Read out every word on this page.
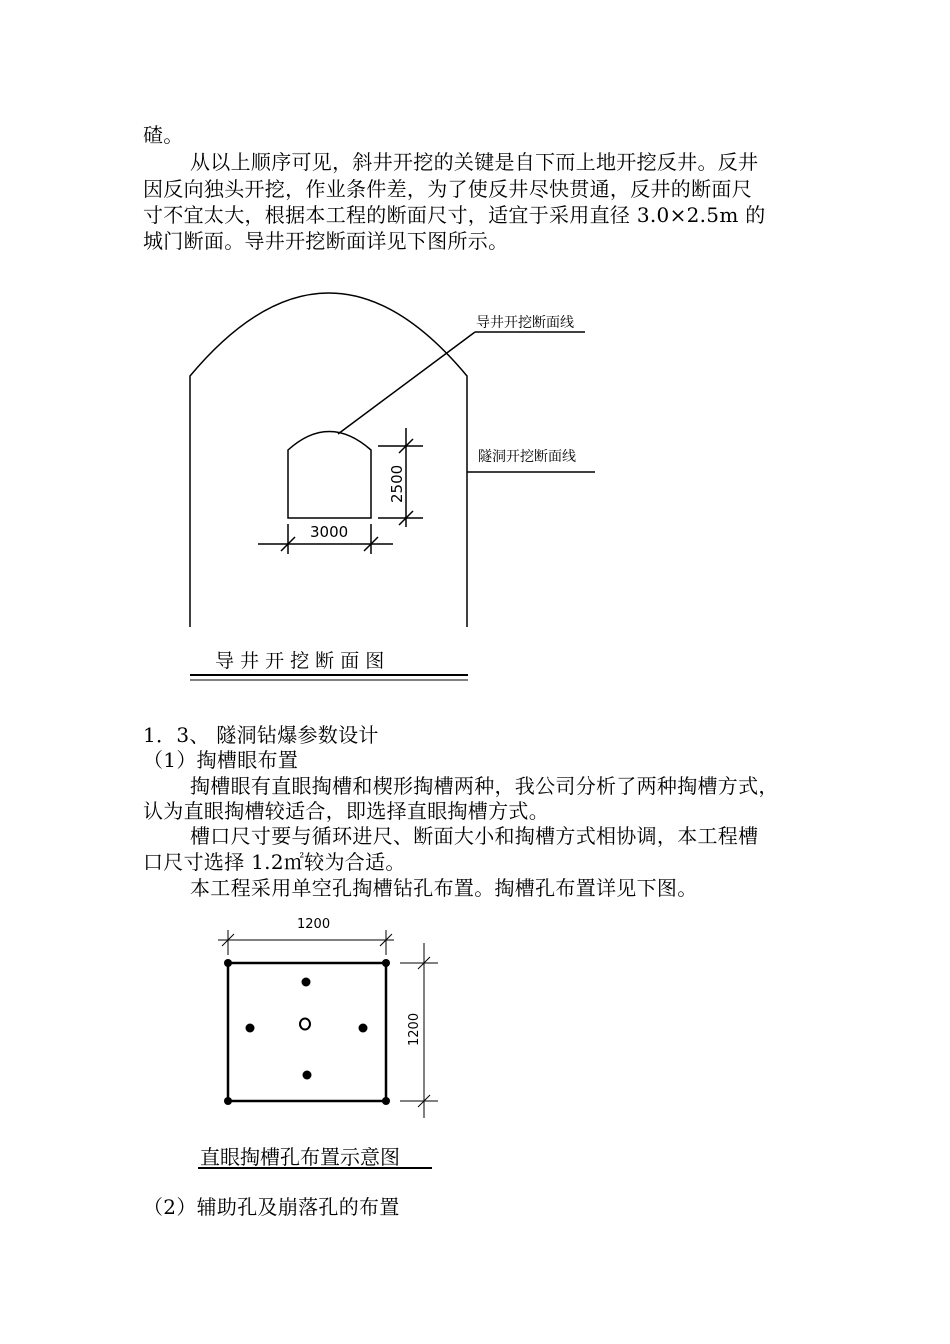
碴。
从以上顺序可见，斜井开挖的关键是自下而上地开挖反井。反井
因反向独头开挖，作业条件差，为了使反井尽快贯通，反井的断面尺
寸不宜太大，根据本工程的断面尺寸，适宜于采用直径 3.0×2.5m 的
城门断面。导井开挖断面详见下图所示。
导井开挖断面线
隧洞开挖断面线
2500
3000
导 井 开 挖 断 面 图
1．3、 隧洞钻爆参数设计
（1）掏槽眼布置
掏槽眼有直眼掏槽和楔形掏槽两种，我公司分析了两种掏槽方式，
认为直眼掏槽较适合，即选择直眼掏槽方式。
槽口尺寸要与循环进尺、断面大小和掏槽方式相协调，本工程槽
口尺寸选择 1.2㎡较为合适。
本工程采用单空孔掏槽钻孔布置。掏槽孔布置详见下图。
1200
1200
直眼掏槽孔布置示意图
（2）辅助孔及崩落孔的布置
